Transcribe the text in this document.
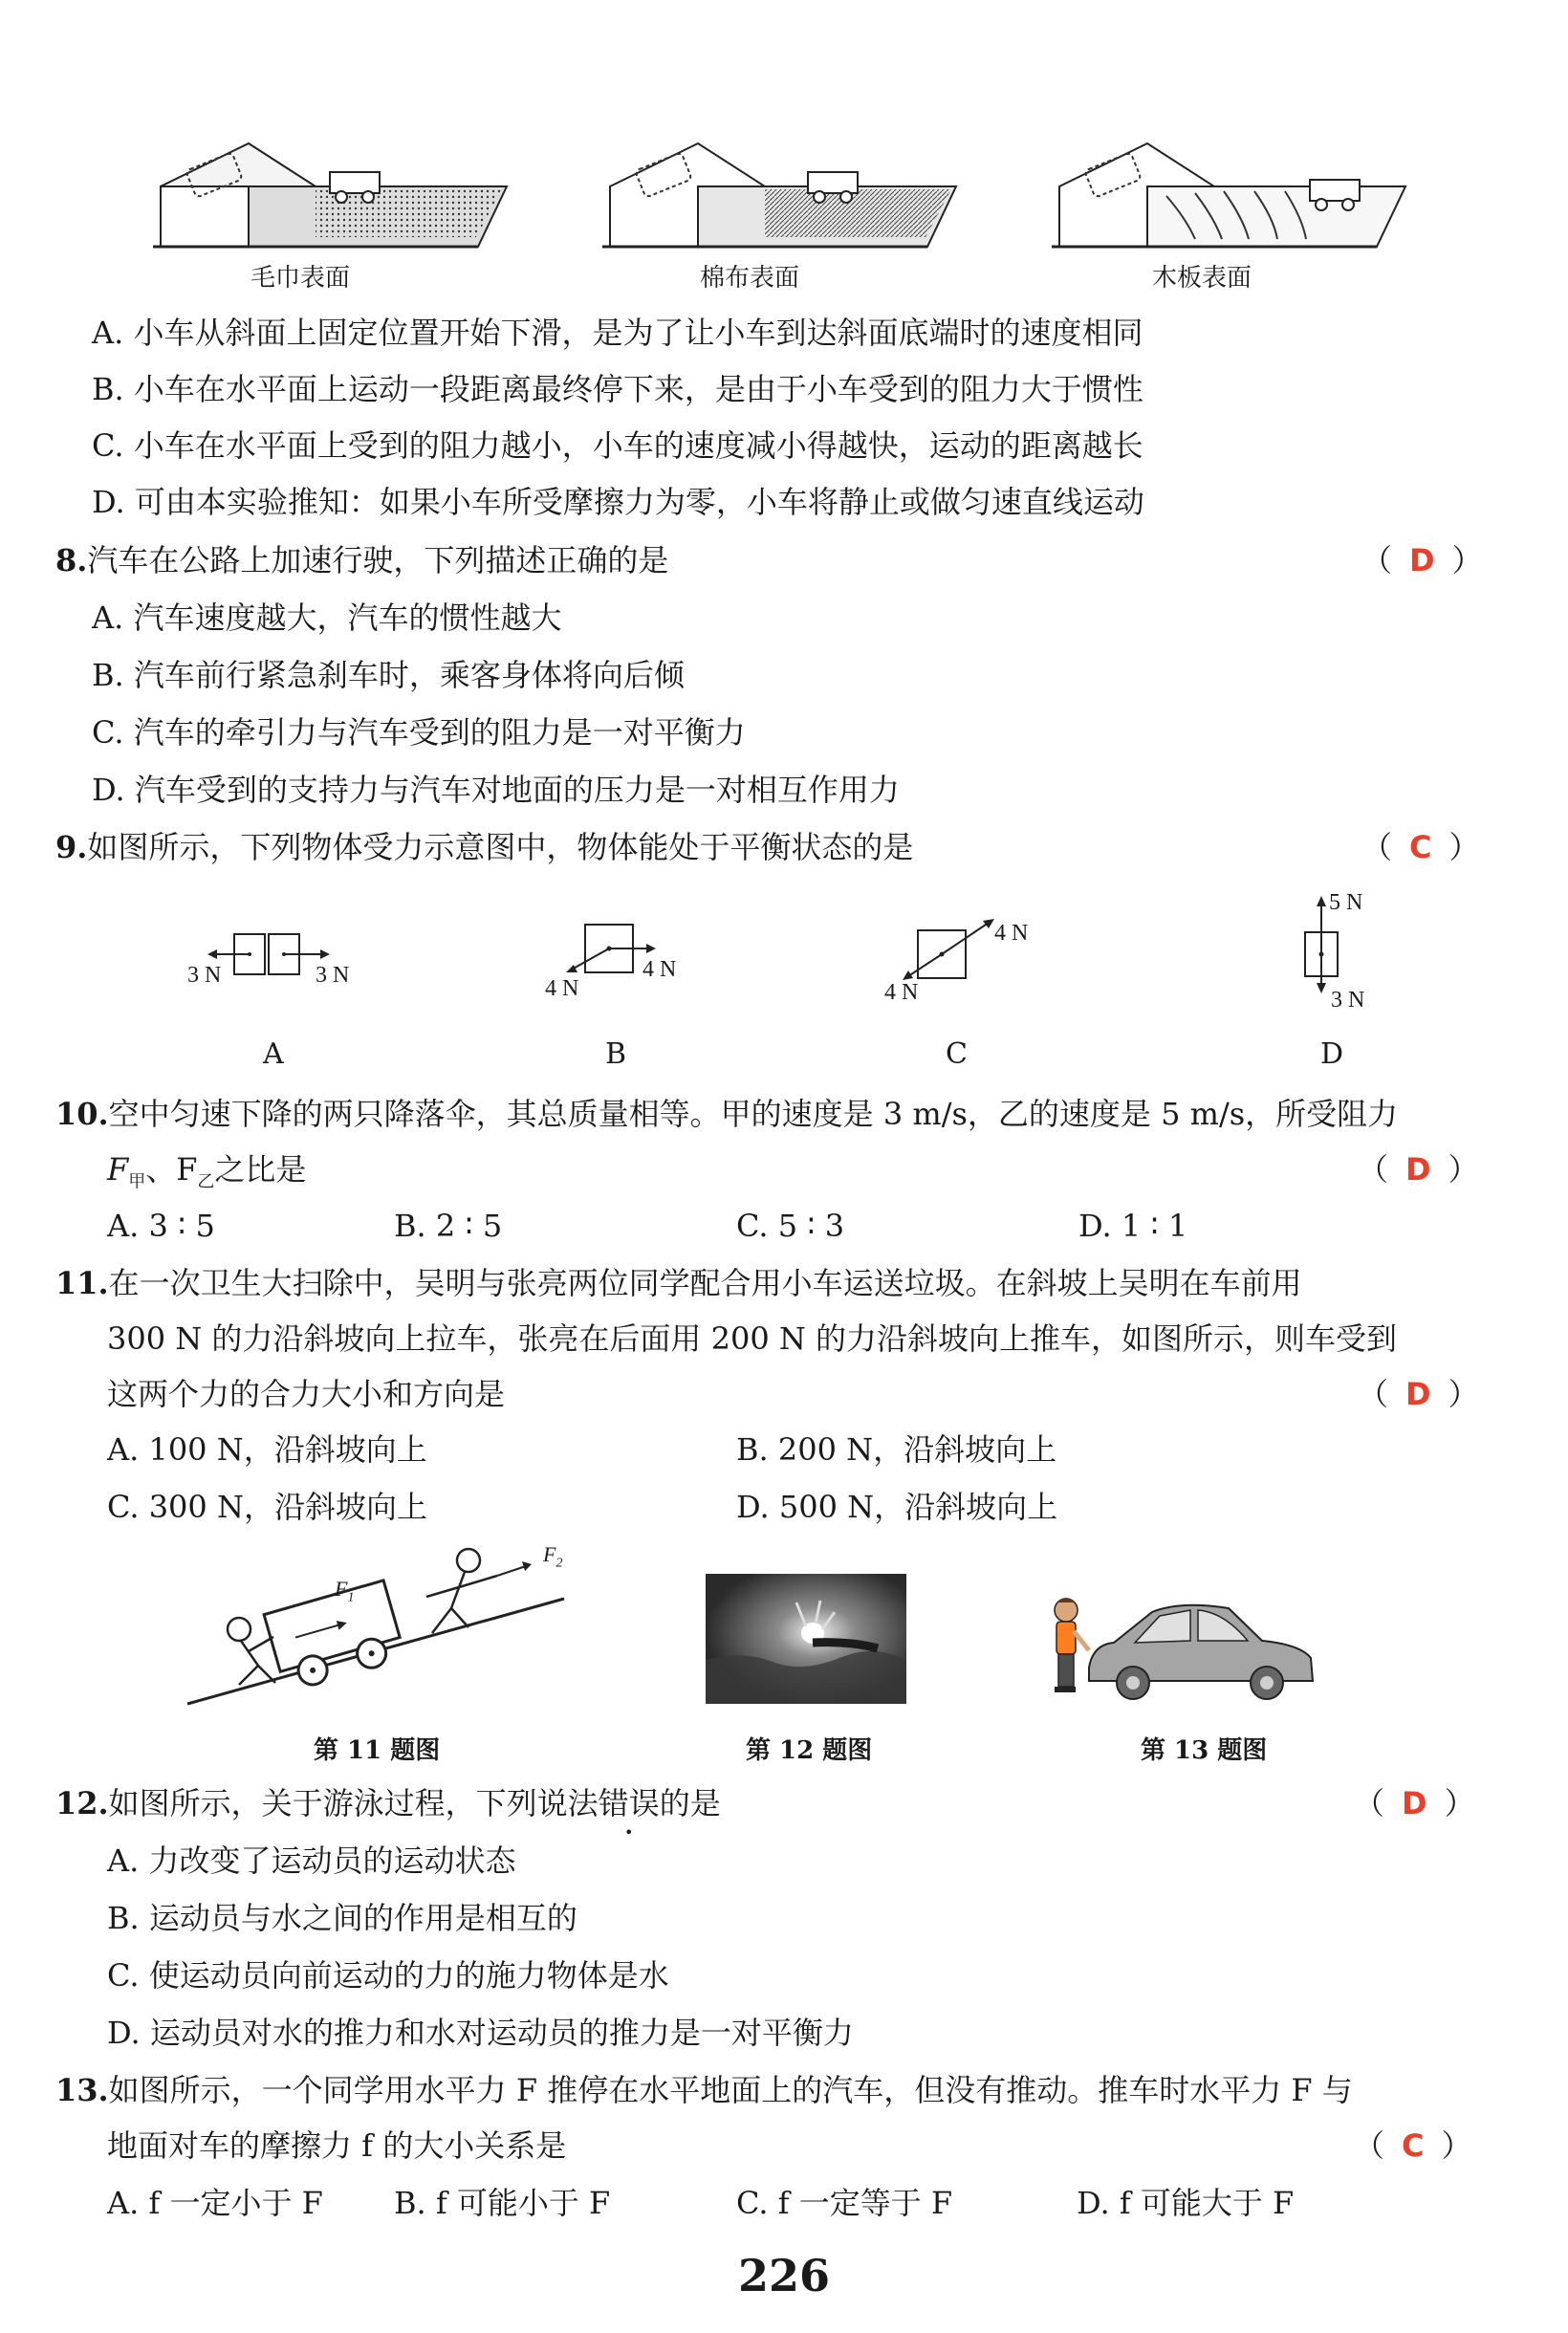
毛巾表面	棉布表面	木板表面
A. 小车从斜面上固定位置开始下滑，是为了让小车到达斜面底端时的速度相同
B. 小车在水平面上运动一段距离最终停下来，是由于小车受到的阻力大于惯性
C. 小车在水平面上受到的阻力越小，小车的速度减小得越快，运动的距离越长
D. 可由本实验推知：如果小车所受摩擦力为零，小车将静止或做匀速直线运动
8.汽车在公路上加速行驶，下列描述正确的是	（ D ）
A. 汽车速度越大，汽车的惯性越大
B. 汽车前行紧急刹车时，乘客身体将向后倾
C. 汽车的牵引力与汽车受到的阻力是一对平衡力
D. 汽车受到的支持力与汽车对地面的压力是一对相互作用力
9.如图所示，下列物体受力示意图中，物体能处于平衡状态的是	（ C ）
3 N	3 N
4 N
4 N
4 N
4 N
5 N
3 N
A	B	C	D
10.空中匀速下降的两只降落伞，其总质量相等。甲的速度是 3 m/s，乙的速度是 5 m/s，所受阻力
$F_甲$、$F_乙$之比是	（ D ）
A. 3 ∶ 5	B. 2 ∶ 5	C. 5 ∶ 3	D. 1 ∶ 1
11.在一次卫生大扫除中，吴明与张亮两位同学配合用小车运送垃圾。在斜坡上吴明在车前用
300 N 的力沿斜坡向上拉车，张亮在后面用 200 N 的力沿斜坡向上推车，如图所示，则车受到
这两个力的合力大小和方向是	（ D ）
A. 100 N，沿斜坡向上	B. 200 N，沿斜坡向上
C. 300 N，沿斜坡向上	D. 500 N，沿斜坡向上
$F_1$
$F_2$
第 11 题图	第 12 题图	第 13 题图
12.如图所示，关于游泳过程，下列说法错误的是	（ D ）
A. 力改变了运动员的运动状态
B. 运动员与水之间的作用是相互的
C. 使运动员向前运动的力的施力物体是水
D. 运动员对水的推力和水对运动员的推力是一对平衡力
13.如图所示，一个同学用水平力 F 推停在水平地面上的汽车，但没有推动。推车时水平力 F 与
地面对车的摩擦力 f 的大小关系是	（ C ）
A. f 一定小于 F B. f 可能小于 F	C. f 一定等于 F	D. f 可能大于 F
226
